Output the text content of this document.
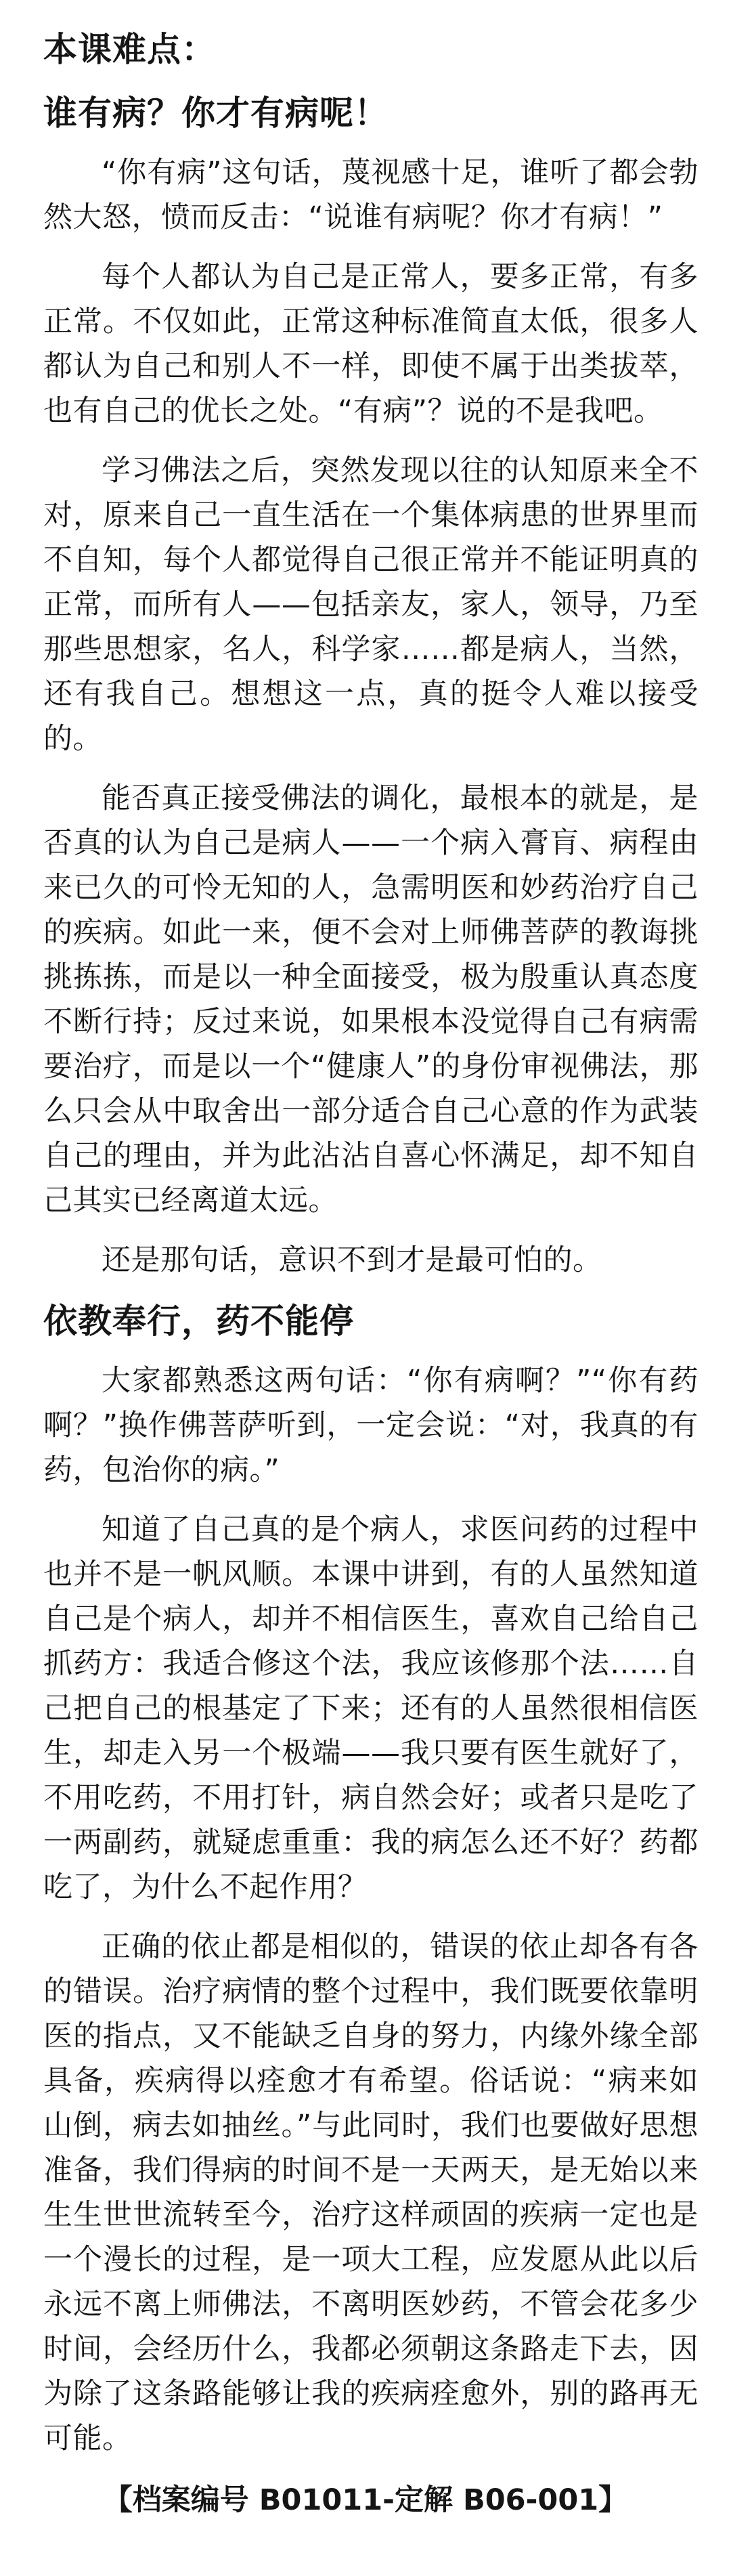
本课难点：
谁有病？你才有病呢！

“你有病”这句话，蔑视感十足，谁听了都会勃然大怒，愤而反击：“说谁有病呢？你才有病！”

每个人都认为自己是正常人，要多正常，有多正常。不仅如此，正常这种标准简直太低，很多人都认为自己和别人不一样，即使不属于出类拔萃，也有自己的优长之处。“有病”？说的不是我吧。

学习佛法之后，突然发现以往的认知原来全不对，原来自己一直生活在一个集体病患的世界里而不自知，每个人都觉得自己很正常并不能证明真的正常，而所有人——包括亲友，家人，领导，乃至那些思想家，名人，科学家……都是病人，当然，还有我自己。想想这一点，真的挺令人难以接受的。

能否真正接受佛法的调化，最根本的就是，是否真的认为自己是病人——一个病入膏肓、病程由来已久的可怜无知的人，急需明医和妙药治疗自己的疾病。如此一来，便不会对上师佛菩萨的教诲挑挑拣拣，而是以一种全面接受，极为殷重认真态度不断行持；反过来说，如果根本没觉得自己有病需要治疗，而是以一个“健康人”的身份审视佛法，那么只会从中取舍出一部分适合自己心意的作为武装自己的理由，并为此沾沾自喜心怀满足，却不知自己其实已经离道太远。

还是那句话，意识不到才是最可怕的。

依教奉行，药不能停

大家都熟悉这两句话：“你有病啊？”“你有药啊？”换作佛菩萨听到，一定会说：“对，我真的有药，包治你的病。”

知道了自己真的是个病人，求医问药的过程中也并不是一帆风顺。本课中讲到，有的人虽然知道自己是个病人，却并不相信医生，喜欢自己给自己抓药方：我适合修这个法，我应该修那个法……自己把自己的根基定了下来；还有的人虽然很相信医生，却走入另一个极端——我只要有医生就好了，不用吃药，不用打针，病自然会好；或者只是吃了一两副药，就疑虑重重：我的病怎么还不好？药都吃了，为什么不起作用？

正确的依止都是相似的，错误的依止却各有各的错误。治疗病情的整个过程中，我们既要依靠明医的指点，又不能缺乏自身的努力，内缘外缘全部具备，疾病得以痊愈才有希望。俗话说：“病来如山倒，病去如抽丝。”与此同时，我们也要做好思想准备，我们得病的时间不是一天两天，是无始以来生生世世流转至今，治疗这样顽固的疾病一定也是一个漫长的过程，是一项大工程，应发愿从此以后永远不离上师佛法，不离明医妙药，不管会花多少时间，会经历什么，我都必须朝这条路走下去，因为除了这条路能够让我的疾病痊愈外，别的路再无可能。

【档案编号 B01011-定解 B06-001】
